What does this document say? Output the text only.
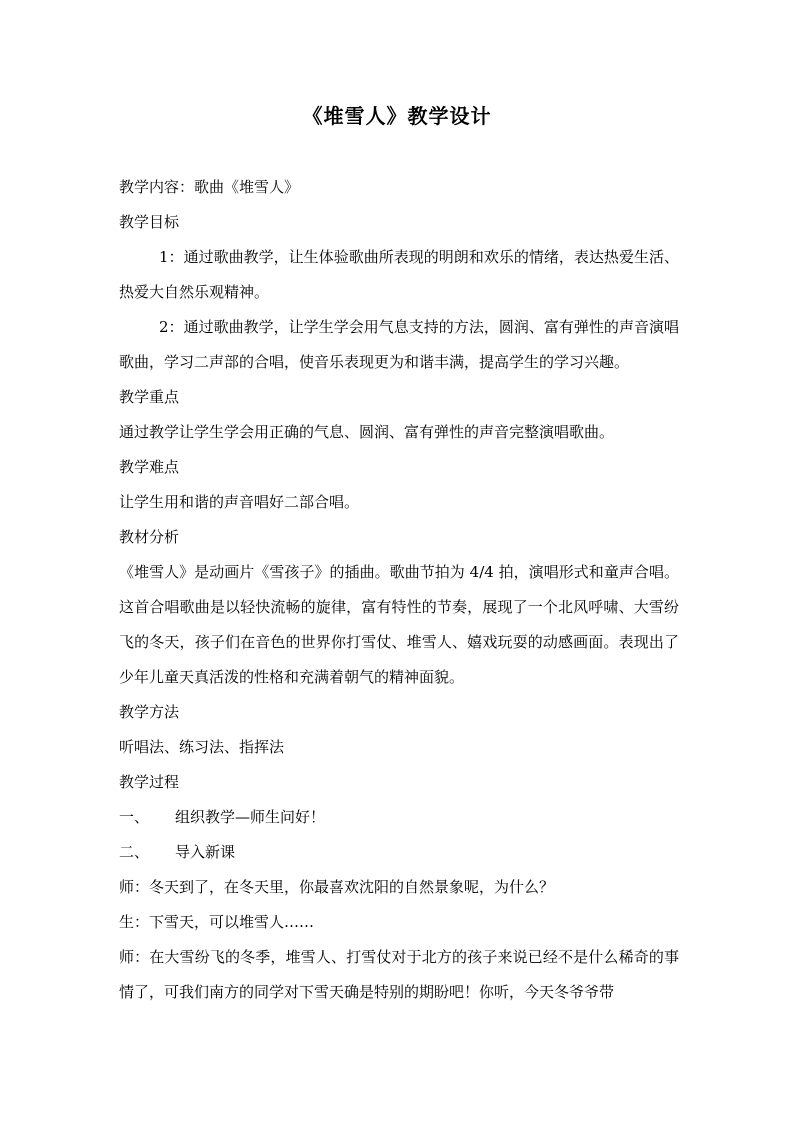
《堆雪人》教学设计

教学内容：歌曲《堆雪人》

教学目标

1：通过歌曲教学，让生体验歌曲所表现的明朗和欢乐的情绪，表达热爱生活、热爱大自然乐观精神。

2：通过歌曲教学，让学生学会用气息支持的方法，圆润、富有弹性的声音演唱歌曲，学习二声部的合唱，使音乐表现更为和谐丰满，提高学生的学习兴趣。

教学重点

通过教学让学生学会用正确的气息、圆润、富有弹性的声音完整演唱歌曲。

教学难点

让学生用和谐的声音唱好二部合唱。

教材分析

《堆雪人》是动画片《雪孩子》的插曲。歌曲节拍为 4/4 拍，演唱形式和童声合唱。这首合唱歌曲是以轻快流畅的旋律，富有特性的节奏，展现了一个北风呼啸、大雪纷飞的冬天，孩子们在音色的世界你打雪仗、堆雪人、嬉戏玩耍的动感画面。表现出了少年儿童天真活泼的性格和充满着朝气的精神面貌。

教学方法

听唱法、练习法、指挥法

教学过程

一、 组织教学—师生问好！

二、 导入新课

师：冬天到了，在冬天里，你最喜欢沈阳的自然景象呢，为什么？

生：下雪天，可以堆雪人……

师：在大雪纷飞的冬季，堆雪人、打雪仗对于北方的孩子来说已经不是什么稀奇的事情了，可我们南方的同学对下雪天确是特别的期盼吧！你听，今天冬爷爷带
